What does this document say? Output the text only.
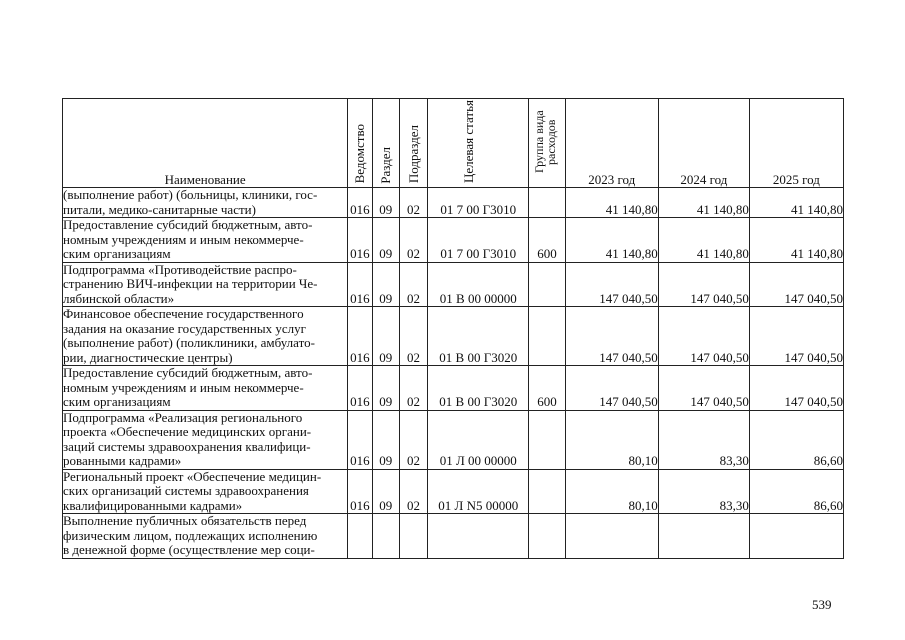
Наименование	Ведомство	Раздел	Подраздел	Целевая статья	Группа вида расходов	2023 год	2024 год	2025 год
(выполнение работ) (больницы, клиники, гос-
питали, медико-санитарные части)	016	09	02	01 7 00 Г3010		41 140,80	41 140,80	41 140,80
Предоставление субсидий бюджетным, авто-
номным учреждениям и иным некоммерче-
ским организациям	016	09	02	01 7 00 Г3010	600	41 140,80	41 140,80	41 140,80
Подпрограмма «Противодействие распро-
странению ВИЧ-инфекции на территории Че-
лябинской области»	016	09	02	01 В 00 00000		147 040,50	147 040,50	147 040,50
Финансовое обеспечение государственного
задания на оказание государственных услуг
(выполнение работ) (поликлиники, амбулато-
рии, диагностические центры)	016	09	02	01 В 00 Г3020		147 040,50	147 040,50	147 040,50
Предоставление субсидий бюджетным, авто-
номным учреждениям и иным некоммерче-
ским организациям	016	09	02	01 В 00 Г3020	600	147 040,50	147 040,50	147 040,50
Подпрограмма «Реализация регионального
проекта «Обеспечение медицинских органи-
заций системы здравоохранения квалифици-
рованными кадрами»	016	09	02	01 Л 00 00000		80,10	83,30	86,60
Региональный проект «Обеспечение медицин-
ских организаций системы здравоохранения
квалифицированными кадрами»	016	09	02	01 Л N5 00000		80,10	83,30	86,60
Выполнение публичных обязательств перед
физическим лицом, подлежащих исполнению
в денежной форме (осуществление мер соци-								
539
